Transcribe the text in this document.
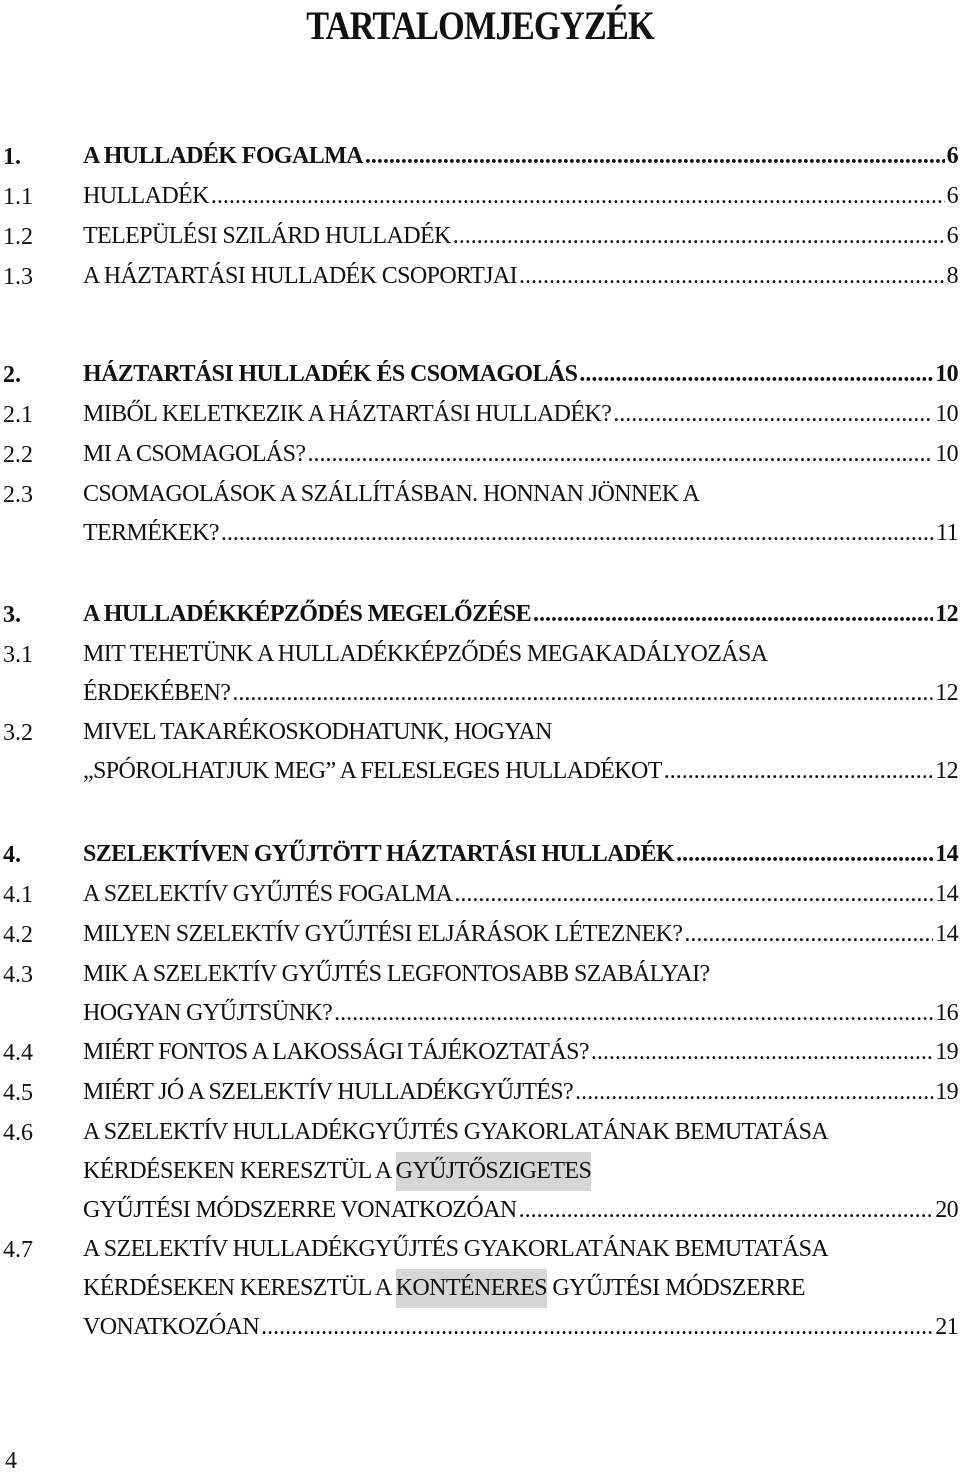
TARTALOMJEGYZÉK
1.	A HULLADÉK FOGALMA .....	6
1.1	HULLADÉK .....	6
1.2	TELEPÜLÉSI SZILÁRD HULLADÉK .....	6
1.3	A HÁZTARTÁSI HULLADÉK CSOPORTJAI .....	8
2.	HÁZTARTÁSI HULLADÉK ÉS CSOMAGOLÁS .....	10
2.1	MIBŐL KELETKEZIK A HÁZTARTÁSI HULLADÉK? .....	10
2.2	MI A CSOMAGOLÁS? .....	10
2.3	CSOMAGOLÁSOK A SZÁLLÍTÁSBAN. HONNAN JÖNNEK A
TERMÉKEK? .....	11
3.	A HULLADÉKKÉPZŐDÉS MEGELŐZÉSE .....	12
3.1	MIT TEHETÜNK A HULLADÉKKÉPZŐDÉS MEGAKADÁLYOZÁSA
ÉRDEKÉBEN? .....	12
3.2	MIVEL TAKARÉKOSKODHATUNK, HOGYAN
„SPÓROLHATJUK MEG” A FELESLEGES HULLADÉKOT .....	12
4.	SZELEKTÍVEN GYŰJTÖTT HÁZTARTÁSI HULLADÉK .....	14
4.1	A SZELEKTÍV GYŰJTÉS FOGALMA .....	14
4.2	MILYEN SZELEKTÍV GYŰJTÉSI ELJÁRÁSOK LÉTEZNEK? .....	14
4.3	MIK A SZELEKTÍV GYŰJTÉS LEGFONTOSABB SZABÁLYAI?
HOGYAN GYŰJTSÜNK? .....	16
4.4	MIÉRT FONTOS A LAKOSSÁGI TÁJÉKOZTATÁS? .....	19
4.5	MIÉRT JÓ A SZELEKTÍV HULLADÉKGYŰJTÉS? .....	19
4.6	A SZELEKTÍV HULLADÉKGYŰJTÉS GYAKORLATÁNAK BEMUTATÁSA
KÉRDÉSEKEN KERESZTÜL A GYŰJTŐSZIGETES
GYŰJTÉSI MÓDSZERRE VONATKOZÓAN .....	20
4.7	A SZELEKTÍV HULLADÉKGYŰJTÉS GYAKORLATÁNAK BEMUTATÁSA
KÉRDÉSEKEN KERESZTÜL A KONTÉNERES GYŰJTÉSI MÓDSZERRE
VONATKOZÓAN .....	21
4
